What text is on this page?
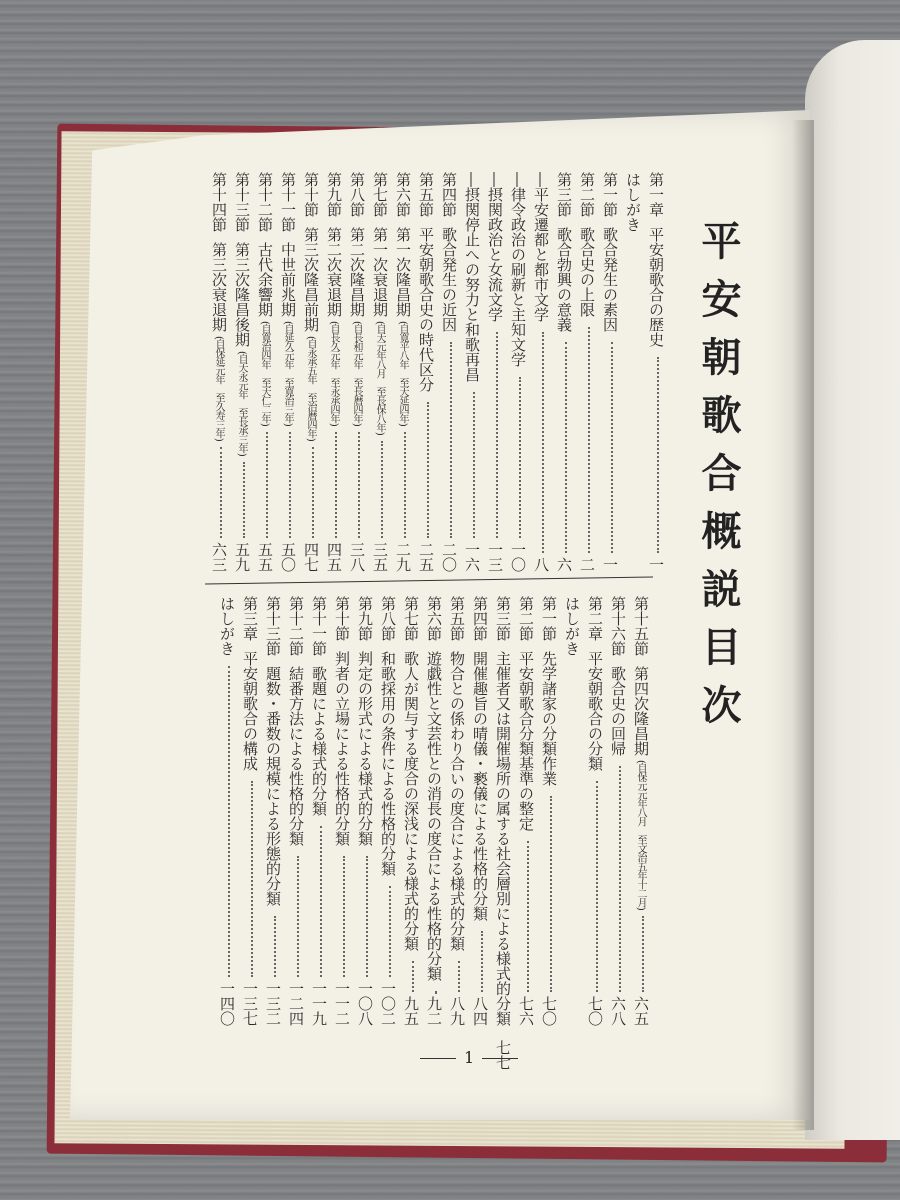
平安朝歌合概説目次
第一章
平安朝歌合の歴史
一
はしがき
第一節
歌合発生の素因
一
第二節
歌合史の上限
二
第三節
歌合勃興の意義
六
―平安遷都と都市文学
八
―律令政治の刷新と主知文学
一〇
―摂関政治と女流文学
一三
―摂関停止への努力と和歌再昌
一六
第四節
歌合発生の近因
二〇
第五節
平安朝歌合史の時代区分
二五
第六節
第一次隆昌期
(自寛平八年　至天延四年)
二九
第七節
第一次衰退期
(自天元年八月　至長保八年)
三五
第八節
第二次隆昌期
(自長和元年　至長暦四年)
三八
第九節
第二次衰退期
(自長久元年　至永承四年)
四五
第十節
第三次隆昌前期
(自永承五年　至治暦四年)
四七
第十一節
中世前兆期
(自延久元年　至寛治三年)
五〇
第十二節
古代余響期
(自寛治四年　至天仁二年)
五五
第十三節
第三次隆昌後期
(自天永元年　至長承三年)
五九
第十四節
第三次衰退期
(自保延元年　至久寿三年)
六三
第十五節
第四次隆昌期
(自保元元年八月　至文治五年十二月)
六五
第十六節
歌合史の回帰
六八
第二章
平安朝歌合の分類
七〇
はしがき
第一節
先学諸家の分類作業
七〇
第二節
平安朝歌合分類基準の整定
七六
第三節
主催者又は開催場所の属する社会層別による様式的分類
七七
第四節
開催趣旨の晴儀・褻儀による性格的分類
八四
第五節
物合との係わり合いの度合による様式的分類
八九
第六節
遊戯性と文芸性との消長の度合による性格的分類
九二
第七節
歌人が関与する度合の深浅による様式的分類
九五
第八節
和歌採用の条件による性格的分類
一〇二
第九節
判定の形式による様式的分類
一〇八
第十節
判者の立場による性格的分類
一一二
第十一節
歌題による様式的分類
一一九
第十二節
結番方法による性格的分類
一二四
第十三節
題数・番数の規模による形態的分類
一三二
第三章
平安朝歌合の構成
一三七
はしがき
一四〇
1
